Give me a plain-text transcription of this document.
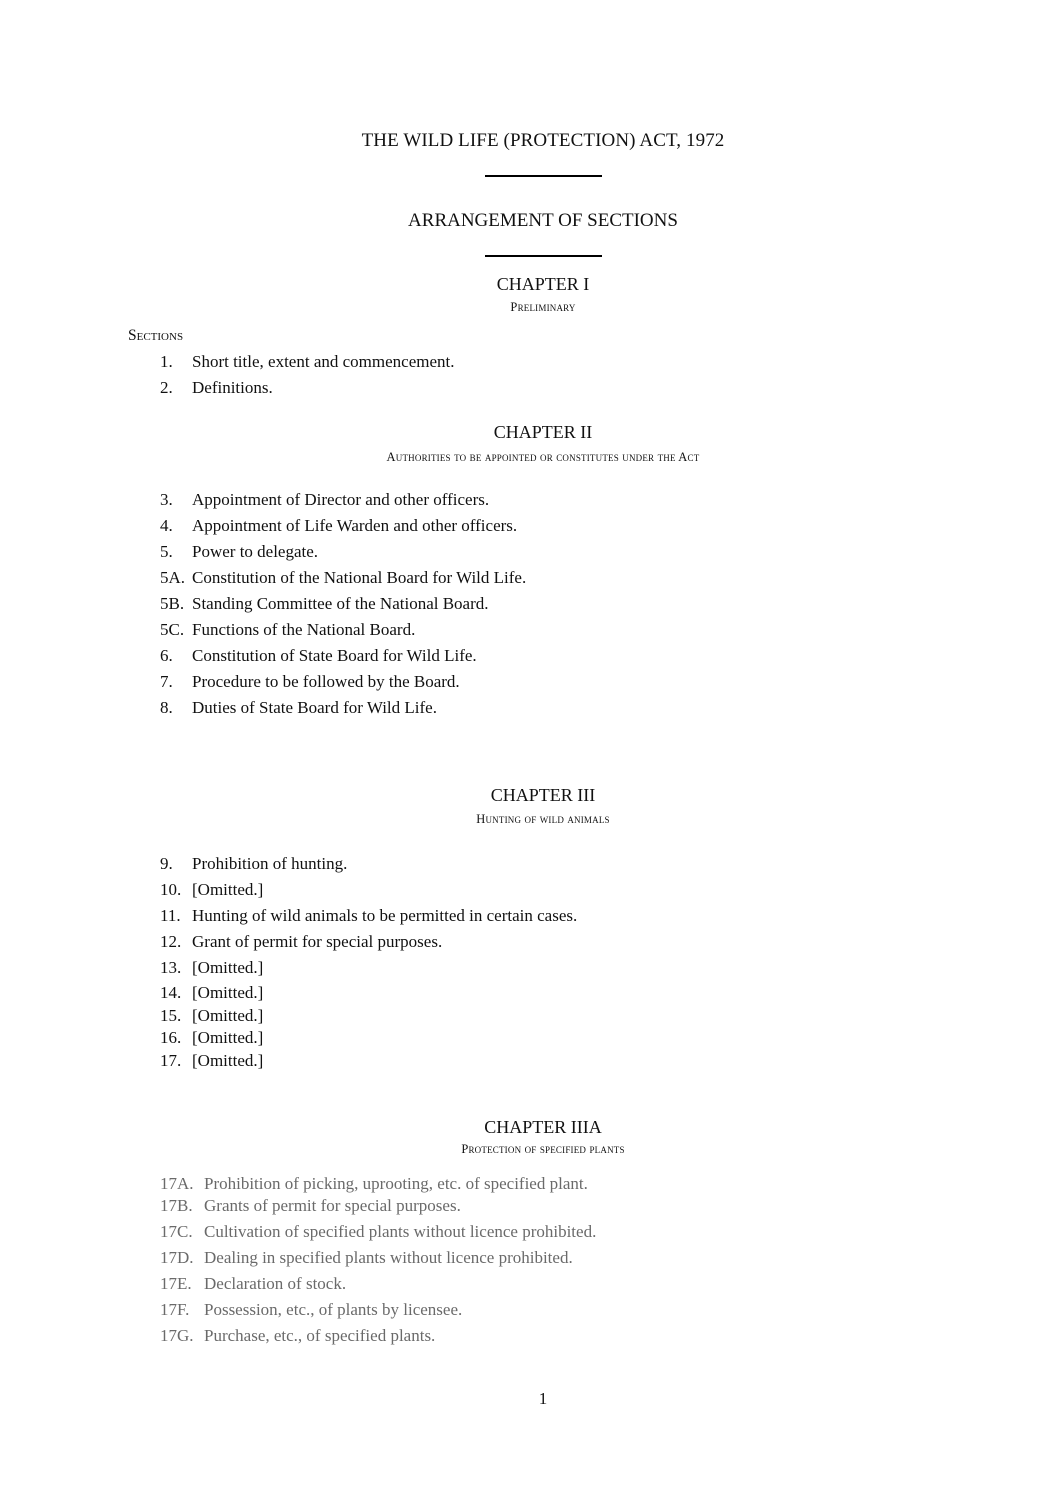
THE WILD LIFE (PROTECTION) ACT, 1972
ARRANGEMENT OF SECTIONS
CHAPTER I
Preliminary
Sections
1. Short title, extent and commencement.
2. Definitions.
CHAPTER II
Authorities to be appointed or constitutes under the Act
3. Appointment of Director and other officers.
4. Appointment of Life Warden and other officers.
5. Power to delegate.
5A. Constitution of the National Board for Wild Life.
5B. Standing Committee of the National Board.
5C. Functions of the National Board.
6. Constitution of State Board for Wild Life.
7. Procedure to be followed by the Board.
8. Duties of State Board for Wild Life.
CHAPTER III
Hunting of wild animals
9. Prohibition of hunting.
10. [Omitted.]
11. Hunting of wild animals to be permitted in certain cases.
12. Grant of permit for special purposes.
13. [Omitted.]
14. [Omitted.]
15. [Omitted.]
16. [Omitted.]
17. [Omitted.]
CHAPTER IIIA
Protection of specified plants
17A. Prohibition of picking, uprooting, etc. of specified plant.
17B. Grants of permit for special purposes.
17C. Cultivation of specified plants without licence prohibited.
17D. Dealing in specified plants without licence prohibited.
17E. Declaration of stock.
17F. Possession, etc., of plants by licensee.
17G. Purchase, etc., of specified plants.
1
